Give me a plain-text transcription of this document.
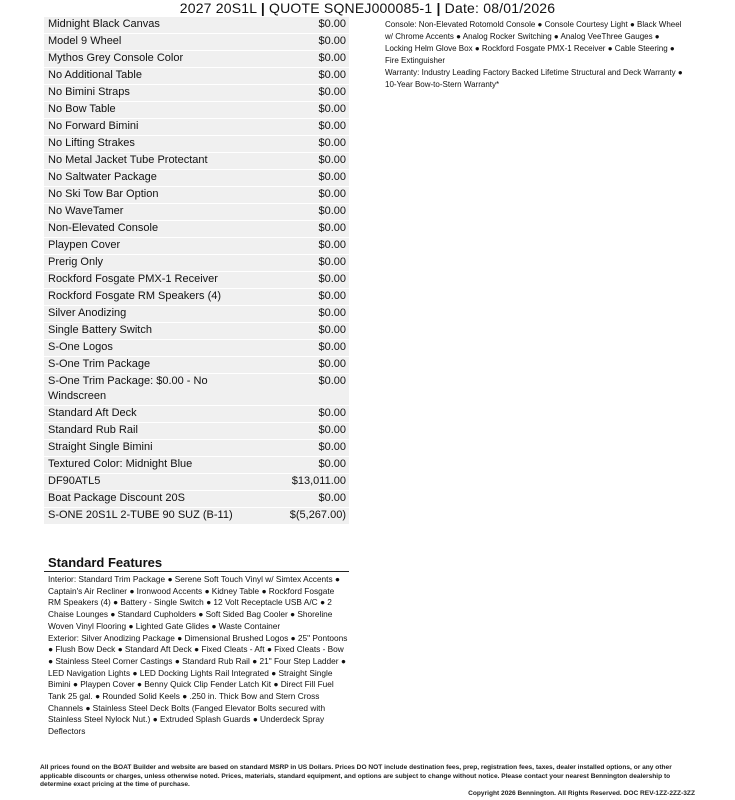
2027 20S1L | QUOTE SQNEJ000085-1 | Date: 08/01/2026
Midnight Black Canvas	$0.00
Model 9 Wheel	$0.00
Mythos Grey Console Color	$0.00
No Additional Table	$0.00
No Bimini Straps	$0.00
No Bow Table	$0.00
No Forward Bimini	$0.00
No Lifting Strakes	$0.00
No Metal Jacket Tube Protectant	$0.00
No Saltwater Package	$0.00
No Ski Tow Bar Option	$0.00
No WaveTamer	$0.00
Non-Elevated Console	$0.00
Playpen Cover	$0.00
Prerig Only	$0.00
Rockford Fosgate PMX-1 Receiver	$0.00
Rockford Fosgate RM Speakers (4)	$0.00
Silver Anodizing	$0.00
Single Battery Switch	$0.00
S-One Logos	$0.00
S-One Trim Package	$0.00
S-One Trim Package: $0.00 - No Windscreen
$0.00
Standard Aft Deck	$0.00
Standard Rub Rail	$0.00
Straight Single Bimini	$0.00
Textured Color: Midnight Blue	$0.00
DF90ATL5	$13,011.00
Boat Package Discount 20S	$0.00
S-ONE 20S1L 2-TUBE 90 SUZ (B-11)	$(5,267.00)
Console: Non-Elevated Rotomold Console ● Console Courtesy Light ● Black Wheel w/ Chrome Accents ● Analog Rocker Switching ● Analog VeeThree Gauges ● Locking Helm Glove Box ● Rockford Fosgate PMX-1 Receiver ● Cable Steering ● Fire Extinguisher
Warranty: Industry Leading Factory Backed Lifetime Structural and Deck Warranty ● 10-Year Bow-to-Stern Warranty*
Standard Features
Interior: Standard Trim Package ● Serene Soft Touch Vinyl w/ Simtex Accents ● Captain's Air Recliner ● Ironwood Accents ● Kidney Table ● Rockford Fosgate RM Speakers (4) ● Battery - Single Switch ● 12 Volt Receptacle USB A/C ● 2 Chaise Lounges ● Standard Cupholders ● Soft Sided Bag Cooler ● Shoreline Woven Vinyl Flooring ● Lighted Gate Glides ● Waste Container
Exterior: Silver Anodizing Package ● Dimensional Brushed Logos ● 25" Pontoons ● Flush Bow Deck ● Standard Aft Deck ● Fixed Cleats - Aft ● Fixed Cleats - Bow ● Stainless Steel Corner Castings ● Standard Rub Rail ● 21" Four Step Ladder ● LED Navigation Lights ● LED Docking Lights Rail Integrated ● Straight Single Bimini ● Playpen Cover ● Benny Quick Clip Fender Latch Kit ● Direct Fill Fuel Tank 25 gal. ● Rounded Solid Keels ● .250 in. Thick Bow and Stern Cross Channels ● Stainless Steel Deck Bolts (Fanged Elevator Bolts secured with Stainless Steel Nylock Nut.) ● Extruded Splash Guards ● Underdeck Spray Deflectors
All prices found on the BOAT Builder and website are based on standard MSRP in US Dollars. Prices DO NOT include destination fees, prep, registration fees, taxes, dealer installed options, or any other applicable discounts or charges, unless otherwise noted. Prices, materials, standard equipment, and options are subject to change without notice. Please contact your nearest Bennington dealership to determine exact pricing at the time of purchase.
Copyright 2026 Bennington. All Rights Reserved. DOC REV-1ZZ-2ZZ-3ZZ
